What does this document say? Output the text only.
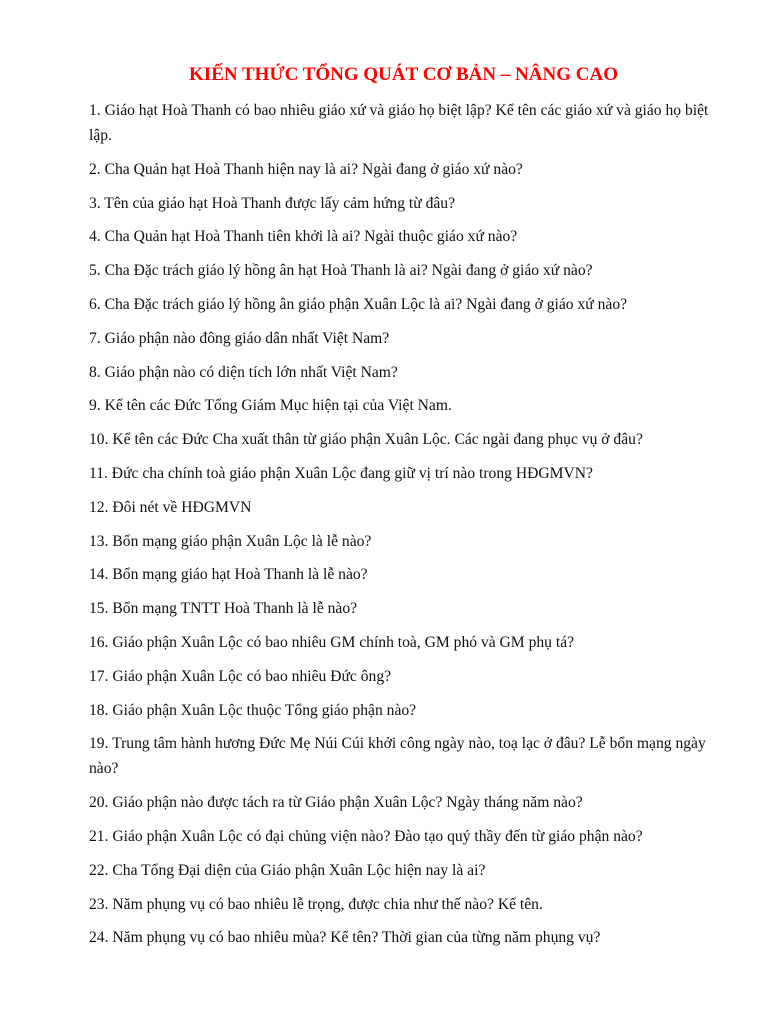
KIẾN THỨC TỔNG QUÁT CƠ BẢN – NÂNG CAO
1. Giáo hạt Hoà Thanh có bao nhiêu giáo xứ và giáo họ biệt lập? Kể tên các giáo xứ và giáo họ biệt lập.
2. Cha Quản hạt Hoà Thanh hiện nay là ai? Ngài đang ở giáo xứ nào?
3. Tên của giáo hạt Hoà Thanh được lấy cảm hứng từ đâu?
4. Cha Quản hạt Hoà Thanh tiên khởi là ai? Ngài thuộc giáo xứ nào?
5. Cha Đặc trách giáo lý hồng ân hạt Hoà Thanh là ai? Ngài đang ở giáo xứ nào?
6. Cha Đặc trách giáo lý hồng ân giáo phận Xuân Lộc là ai? Ngài đang ở giáo xứ nào?
7. Giáo phận nào đông giáo dân nhất Việt Nam?
8. Giáo phận nào có diện tích lớn nhất Việt Nam?
9. Kể tên các Đức Tổng Giám Mục hiện tại của Việt Nam.
10. Kể tên các Đức Cha xuất thân từ giáo phận Xuân Lộc. Các ngài đang phục vụ ở đâu?
11. Đức cha chính toà giáo phận Xuân Lộc đang giữ vị trí nào trong HĐGMVN?
12. Đôi nét về HĐGMVN
13. Bổn mạng giáo phận Xuân Lộc là lễ nào?
14. Bổn mạng giáo hạt Hoà Thanh là lễ nào?
15. Bổn mạng TNTT Hoà Thanh là lễ nào?
16. Giáo phận Xuân Lộc có bao nhiêu GM chính toà, GM phó và GM phụ tá?
17. Giáo phận Xuân Lộc có bao nhiêu Đức ông?
18. Giáo phận Xuân Lộc thuộc Tổng giáo phận nào?
19. Trung tâm hành hương Đức Mẹ Núi Cúi khởi công ngày nào, toạ lạc ở đâu? Lễ bổn mạng ngày nào?
20. Giáo phận nào được tách ra từ Giáo phận Xuân Lộc? Ngày tháng năm nào?
21. Giáo phận Xuân Lộc có đại chủng viện nào? Đào tạo quý thầy đến từ giáo phận nào?
22. Cha Tổng Đại diện của Giáo phận Xuân Lộc hiện nay là ai?
23. Năm phụng vụ có bao nhiêu lễ trọng, được chia như thế nào? Kể tên.
24. Năm phụng vụ có bao nhiêu mùa? Kể tên? Thời gian của từng năm phụng vụ?
